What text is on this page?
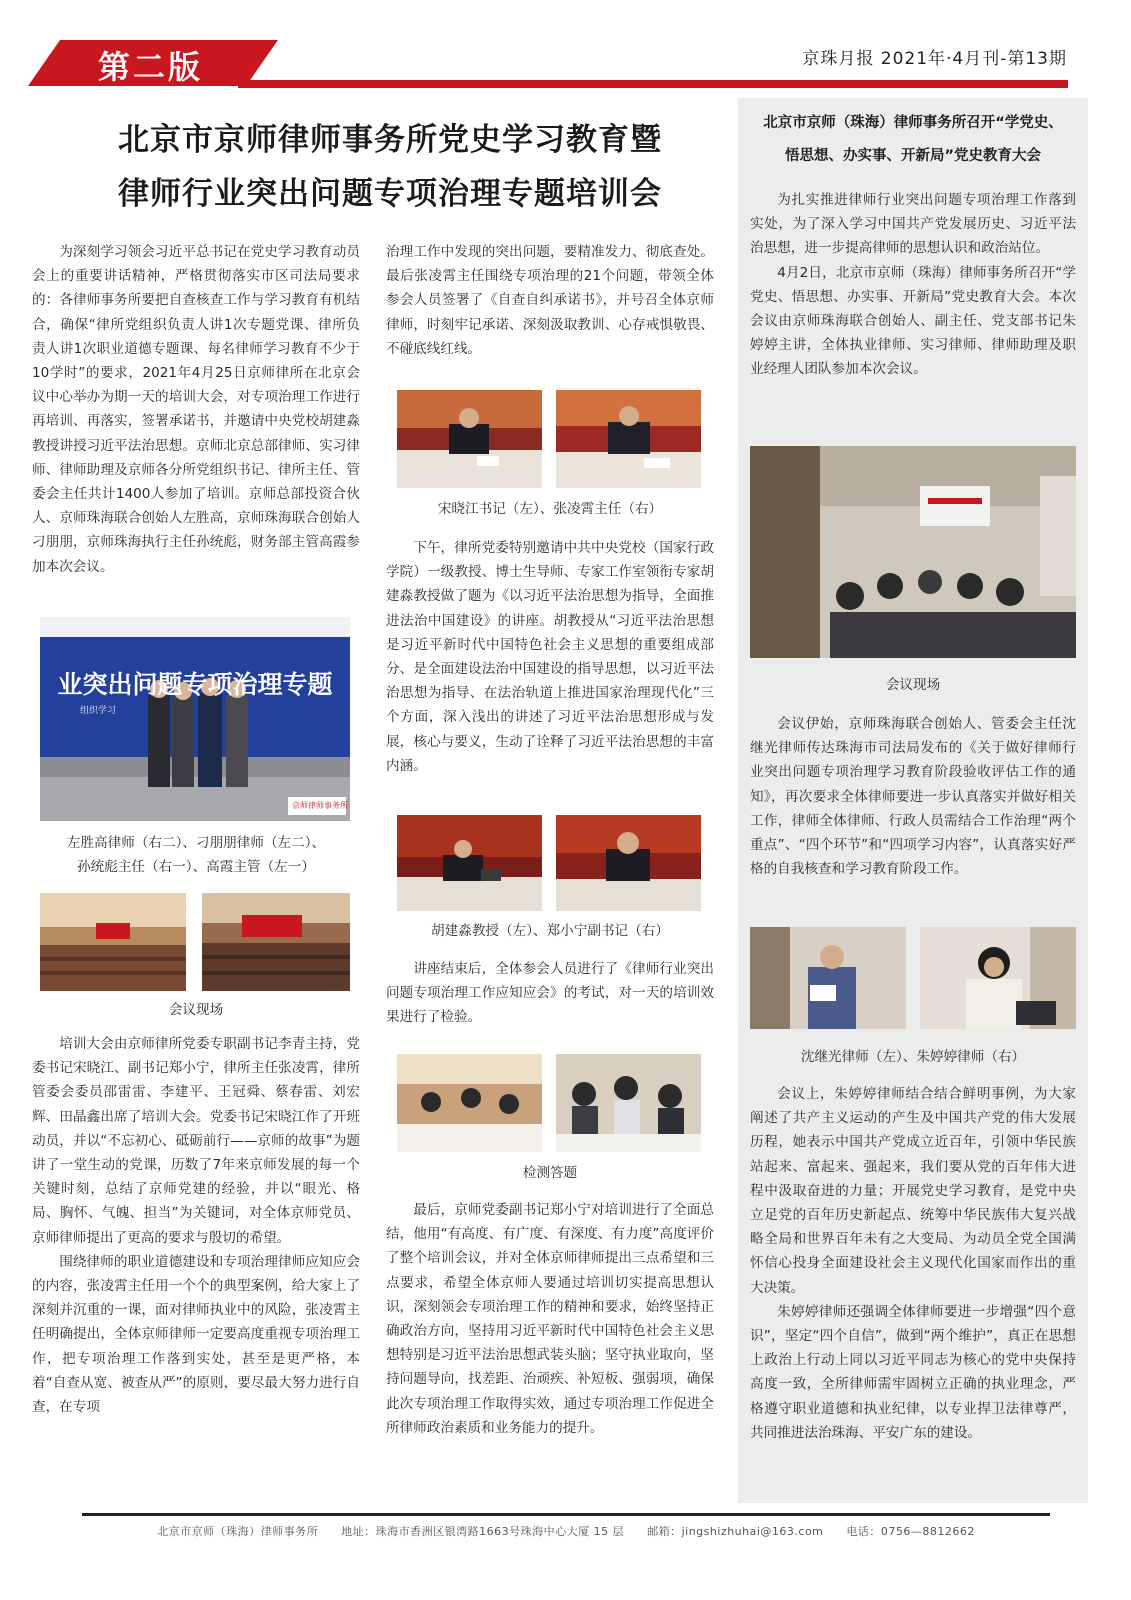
第二版	京珠月报 2021年·4月刊-第13期
北京市京师律师事务所党史学习教育暨
律师行业突出问题专项治理专题培训会

为深刻学习领会习近平总书记在党史学习教育动员会上的重要讲话精神，严格贯彻落实市区司法局要求的：各律师事务所要把自查核查工作与学习教育有机结合，确保“律所党组织负责人讲1次专题党课、律所负责人讲1次职业道德专题课、每名律师学习教育不少于10学时”的要求，2021年4月25日京师律所在北京会议中心举办为期一天的培训大会，对专项治理工作进行再培训、再落实，签署承诺书，并邀请中央党校胡建淼教授讲授习近平法治思想。京师北京总部律师、实习律师、律师助理及京师各分所党组织书记、律所主任、管委会主任共计1400人参加了培训。京师总部投资合伙人、京师珠海联合创始人左胜高，京师珠海联合创始人刁朋朋，京师珠海执行主任孙统彪，财务部主管高霞参加本次会议。

业突出问题专项治理专题
组织学习
京师律师事务所
左胜高律师（右二）、刁朋朋律师（左二）、
孙统彪主任（右一）、高霞主管（左一）
会议现场

培训大会由京师律所党委专职副书记李青主持，党委书记宋晓江、副书记郑小宁，律所主任张凌霄，律所管委会委员邵雷雷、李建平、王冠舜、蔡春雷、刘宏辉、田晶鑫出席了培训大会。党委书记宋晓江作了开班动员，并以“不忘初心、砥砺前行——京师的故事”为题讲了一堂生动的党课，历数了7年来京师发展的每一个关键时刻，总结了京师党建的经验，并以“眼光、格局、胸怀、气魄、担当”为关键词，对全体京师党员、京师律师提出了更高的要求与殷切的希望。

围绕律师的职业道德建设和专项治理律师应知应会的内容，张凌霄主任用一个个的典型案例，给大家上了深刻并沉重的一课，面对律师执业中的风险，张凌霄主任明确提出，全体京师律师一定要高度重视专项治理工作，把专项治理工作落到实处，甚至是更严格，本着“自查从宽、被查从严”的原则，要尽最大努力进行自查，在专项

治理工作中发现的突出问题，要精准发力、彻底查处。最后张凌霄主任围绕专项治理的21个问题，带领全体参会人员签署了《自查自纠承诺书》，并号召全体京师律师，时刻牢记承诺、深刻汲取教训、心存戒惧敬畏、不碰底线红线。

宋晓江书记（左）、张凌霄主任（右）

下午，律所党委特别邀请中共中央党校（国家行政学院）一级教授、博士生导师、专家工作室领衔专家胡建淼教授做了题为《以习近平法治思想为指导，全面推进法治中国建设》的讲座。胡教授从“习近平法治思想是习近平新时代中国特色社会主义思想的重要组成部分、是全面建设法治中国建设的指导思想，以习近平法治思想为指导、在法治轨道上推进国家治理现代化”三个方面，深入浅出的讲述了习近平法治思想形成与发展，核心与要义，生动了诠释了习近平法治思想的丰富内涵。

胡建淼教授（左）、郑小宁副书记（右）

讲座结束后，全体参会人员进行了《律师行业突出问题专项治理工作应知应会》的考试，对一天的培训效果进行了检验。

检测答题

最后，京师党委副书记郑小宁对培训进行了全面总结，他用“有高度、有广度、有深度、有力度”高度评价了整个培训会议，并对全体京师律师提出三点希望和三点要求，希望全体京师人要通过培训切实提高思想认识，深刻领会专项治理工作的精神和要求，始终坚持正确政治方向，坚持用习近平新时代中国特色社会主义思想特别是习近平法治思想武装头脑；坚守执业取向，坚持问题导向，找差距、治顽疾、补短板、强弱项，确保此次专项治理工作取得实效，通过专项治理工作促进全所律师政治素质和业务能力的提升。

北京市京师（珠海）律师事务所召开“学党史、
悟思想、办实事、开新局”党史教育大会

为扎实推进律师行业突出问题专项治理工作落到实处，为了深入学习中国共产党发展历史、习近平法治思想，进一步提高律师的思想认识和政治站位。

4月2日，北京市京师（珠海）律师事务所召开“学党史、悟思想、办实事、开新局”党史教育大会。本次会议由京师珠海联合创始人、副主任、党支部书记朱婷婷主讲，全体执业律师、实习律师、律师助理及职业经理人团队参加本次会议。

会议现场

会议伊始，京师珠海联合创始人、管委会主任沈继光律师传达珠海市司法局发布的《关于做好律师行业突出问题专项治理学习教育阶段验收评估工作的通知》，再次要求全体律师要进一步认真落实并做好相关工作，律师全体律师、行政人员需结合工作治理“两个重点”、“四个环节”和“四项学习内容”，认真落实好严格的自我核查和学习教育阶段工作。

沈继光律师（左）、朱婷婷律师（右）

会议上，朱婷婷律师结合结合鲜明事例，为大家阐述了共产主义运动的产生及中国共产党的伟大发展历程，她表示中国共产党成立近百年，引领中华民族站起来、富起来、强起来，我们要从党的百年伟大进程中汲取奋进的力量；开展党史学习教育，是党中央立足党的百年历史新起点、统筹中华民族伟大复兴战略全局和世界百年未有之大变局、为动员全党全国满怀信心投身全面建设社会主义现代化国家而作出的重大决策。

朱婷婷律师还强调全体律师要进一步增强“四个意识”，坚定“四个自信”，做到“两个维护”，真正在思想上政治上行动上同以习近平同志为核心的党中央保持高度一致，全所律师需牢固树立正确的执业理念，严格遵守职业道德和执业纪律，以专业捍卫法律尊严，共同推进法治珠海、平安广东的建设。

北京市京师（珠海）律师事务所　　地址：珠海市香洲区银湾路1663号珠海中心大厦 15 层　　邮箱：jingshizhuhai@163.com　　电话：0756—8812662
